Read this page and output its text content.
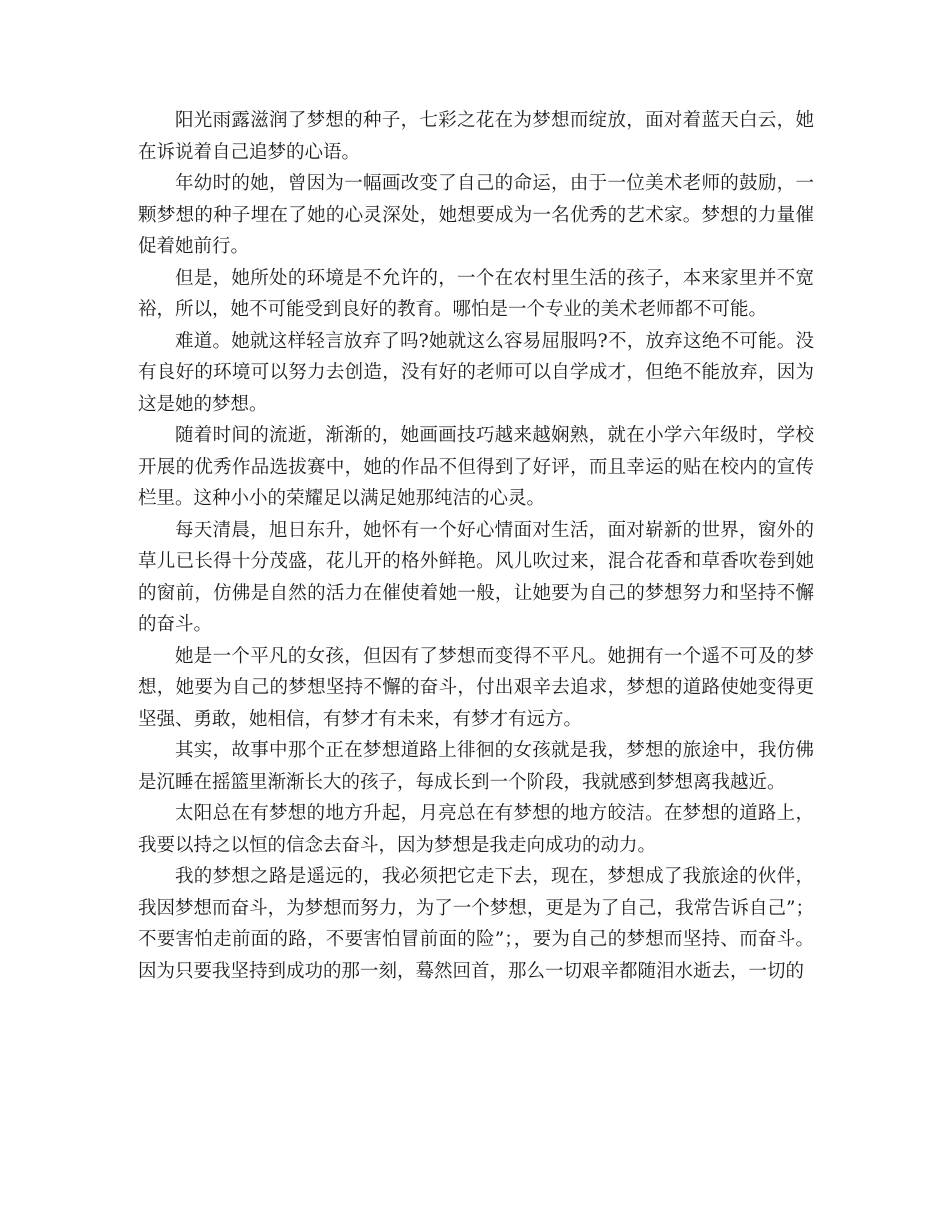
阳光雨露滋润了梦想的种子，七彩之花在为梦想而绽放，面对着蓝天白云，她在诉说着自己追梦的心语。

年幼时的她，曾因为一幅画改变了自己的命运，由于一位美术老师的鼓励，一颗梦想的种子埋在了她的心灵深处，她想要成为一名优秀的艺术家。梦想的力量催促着她前行。

但是，她所处的环境是不允许的，一个在农村里生活的孩子，本来家里并不宽裕，所以，她不可能受到良好的教育。哪怕是一个专业的美术老师都不可能。

难道。她就这样轻言放弃了吗?她就这么容易屈服吗?不，放弃这绝不可能。没有良好的环境可以努力去创造，没有好的老师可以自学成才，但绝不能放弃，因为这是她的梦想。

随着时间的流逝，渐渐的，她画画技巧越来越娴熟，就在小学六年级时，学校开展的优秀作品选拔赛中，她的作品不但得到了好评，而且幸运的贴在校内的宣传栏里。这种小小的荣耀足以满足她那纯洁的心灵。

每天清晨，旭日东升，她怀有一个好心情面对生活，面对崭新的世界，窗外的草儿已长得十分茂盛，花儿开的格外鲜艳。风儿吹过来，混合花香和草香吹卷到她的窗前，仿佛是自然的活力在催使着她一般，让她要为自己的梦想努力和坚持不懈的奋斗。

她是一个平凡的女孩，但因有了梦想而变得不平凡。她拥有一个遥不可及的梦想，她要为自己的梦想坚持不懈的奋斗，付出艰辛去追求，梦想的道路使她变得更坚强、勇敢，她相信，有梦才有未来，有梦才有远方。

其实，故事中那个正在梦想道路上徘徊的女孩就是我，梦想的旅途中，我仿佛是沉睡在摇篮里渐渐长大的孩子，每成长到一个阶段，我就感到梦想离我越近。

太阳总在有梦想的地方升起，月亮总在有梦想的地方皎洁。在梦想的道路上，我要以持之以恒的信念去奋斗，因为梦想是我走向成功的动力。

我的梦想之路是遥远的，我必须把它走下去，现在，梦想成了我旅途的伙伴，我因梦想而奋斗，为梦想而努力，为了一个梦想，更是为了自己，我常告诉自己”；不要害怕走前面的路，不要害怕冒前面的险”；，要为自己的梦想而坚持、而奋斗。因为只要我坚持到成功的那一刻，蓦然回首，那么一切艰辛都随泪水逝去，一切的
